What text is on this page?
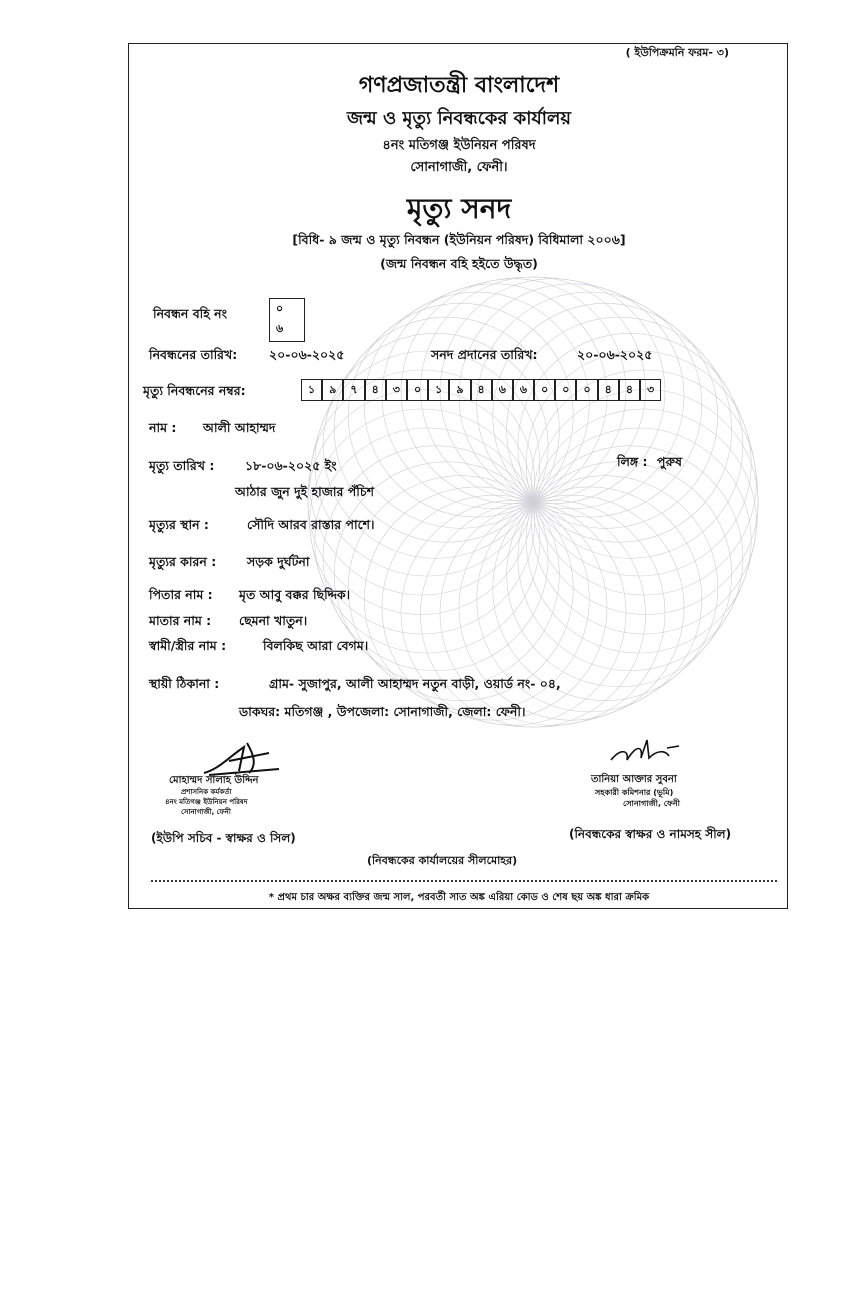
( ইউপিক্রমনি ফরম- ৩)
গণপ্রজাতন্ত্রী বাংলাদেশ
জন্ম ও মৃত্যু নিবন্ধকের কার্যালয়
৪নং মতিগঞ্জ ইউনিয়ন পরিষদ
সোনাগাজী, ফেনী।
মৃত্যু সনদ
[বিধি- ৯ জন্ম ও মৃত্যু নিবন্ধন (ইউনিয়ন পরিষদ) বিধিমালা ২০০৬]
(জন্ম নিবন্ধন বহি হইতে উদ্ধৃত)
নিবন্ধন বহি নং	০
৬
নিবন্ধনের তারিখ:	২০-০৬-২০২৫	সনদ প্রদানের তারিখ:	২০-০৬-২০২৫
মৃত্যু নিবন্ধনের নম্বর:	১	৯	৭	৪	৩	০	১	৯	৪	৬	৬	০	০	০	৪	৪	৩
নাম : আলী আহাম্মদ
মৃত্যু তারিখ : ১৮-০৬-২০২৫ ইং
আঠার জুন দুই হাজার পঁচিশ
লিঙ্গ : পুরুষ
মৃত্যুর স্থান :	সৌদি আরব রাস্তার পাশে।
মৃত্যুর কারন : সড়ক দুর্ঘটনা
পিতার নাম : মৃত আবু বক্কর ছিদ্দিক।
মাতার নাম : ছেমনা খাতুন।
স্বামী/স্ত্রীর নাম :	বিলকিছ আরা বেগম।
স্থায়ী ঠিকানা :	গ্রাম- সুজাপুর, আলী আহাম্মদ নতুন বাড়ী, ওয়ার্ড নং- ০৪,
ডাকঘর: মতিগঞ্জ , উপজেলা: সোনাগাজী, জেলা: ফেনী।
মোহাম্মদ সালাহ উদ্দিন
প্রশাসনিক কর্মকর্তা
৪নং মতিগঞ্জ ইউনিয়ন পরিষদ
সোনাগাজী, ফেনী
(ইউপি সচিব - স্বাক্ষর ও সিল)
তানিয়া আক্তার সুবনা
সহকারী কমিশনার (ভূমি)
সোনাগাজী, ফেনী
(নিবন্ধকের স্বাক্ষর ও নামসহ সীল)
(নিবন্ধকের কার্যালয়ের সীলমোহর)
* প্রথম চার অক্ষর ব্যক্তির জন্ম সাল, পরবর্তী সাত অঙ্ক এরিয়া কোড ও শেষ ছয় অঙ্ক ধারা ক্রমিক
